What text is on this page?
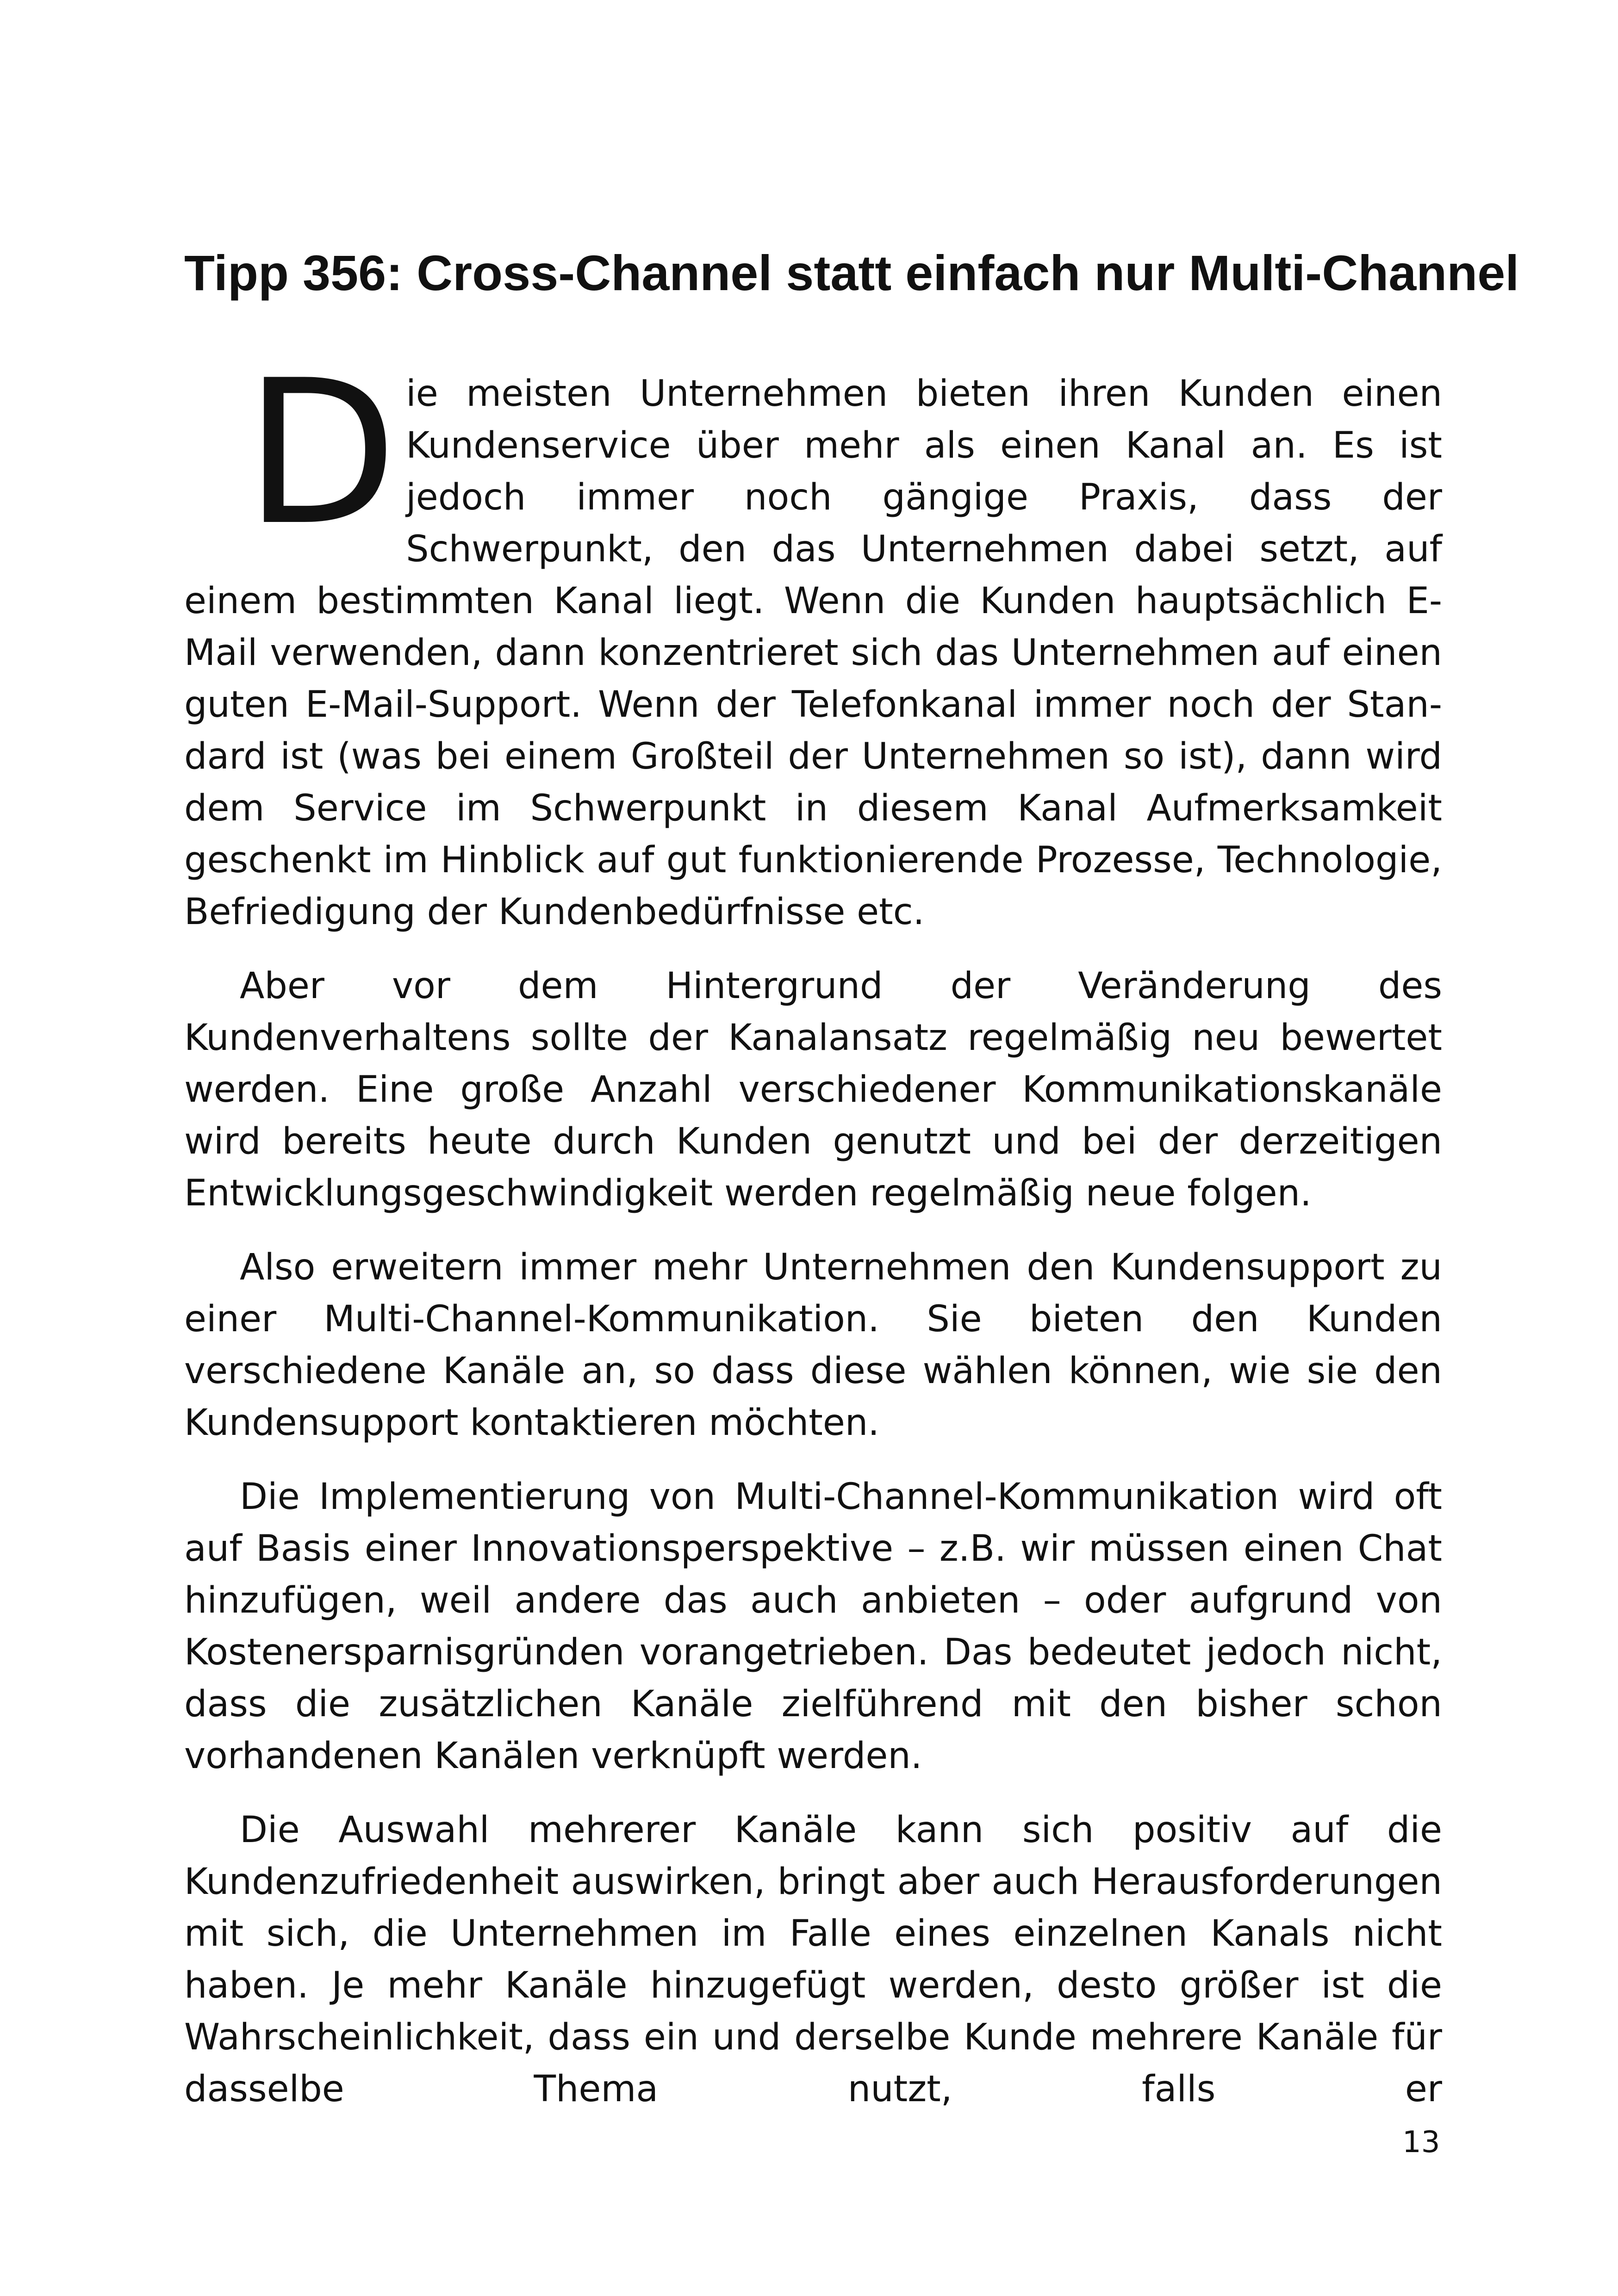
Tipp 356: Cross-Channel statt einfach nur Multi-Channel

Die meisten Unternehmen bieten ihren Kunden einen Kundenservice über mehr als einen Kanal an. Es ist jedoch immer noch gängige Praxis, dass der Schwerpunkt, den das Unternehmen dabei setzt, auf einem bestimmten Kanal liegt. Wenn die Kunden hauptsächlich E-Mail verwenden, dann konzentrieret sich das Unternehmen auf einen guten E-Mail-Support. Wenn der Telefonkanal immer noch der Standard ist (was bei einem Großteil der Unternehmen so ist), dann wird dem Service im Schwerpunkt in diesem Kanal Aufmerksamkeit geschenkt im Hinblick auf gut funktionierende Prozesse, Technologie, Befriedigung der Kundenbedürfnisse etc.

Aber vor dem Hintergrund der Veränderung des Kundenverhaltens sollte der Kanalansatz regelmäßig neu bewertet werden. Eine große Anzahl verschiedener Kommunikationskanäle wird bereits heute durch Kunden genutzt und bei der derzeitigen Entwicklungsgeschwindigkeit werden regelmäßig neue folgen.

Also erweitern immer mehr Unternehmen den Kundensupport zu einer Multi-Channel-Kommunikation. Sie bieten den Kunden verschiedene Kanäle an, so dass diese wählen können, wie sie den Kundensupport kontaktieren möchten.

Die Implementierung von Multi-Channel-Kommunikation wird oft auf Basis einer Innovationsperspektive – z.B. wir müssen einen Chat hinzufügen, weil andere das auch anbieten – oder aufgrund von Kostenersparnisgründen vorangetrieben. Das bedeutet jedoch nicht, dass die zusätzlichen Kanäle zielführend mit den bisher schon vorhandenen Kanälen verknüpft werden.

Die Auswahl mehrerer Kanäle kann sich positiv auf die Kundenzufriedenheit auswirken, bringt aber auch Herausforderungen mit sich, die Unternehmen im Falle eines einzelnen Kanals nicht haben. Je mehr Kanäle hinzugefügt werden, desto größer ist die Wahrscheinlichkeit, dass ein und derselbe Kunde mehrere Kanäle für dasselbe Thema nutzt, falls er

13
